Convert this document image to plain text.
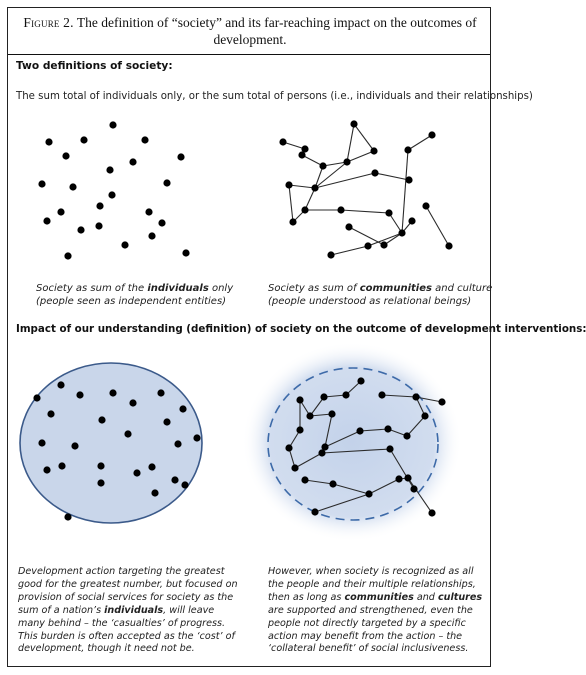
Figure 2. The definition of “society” and its far-reaching impact on the outcomes of
development.
Two definitions of society:
The sum total of individuals only, or the sum total of persons (i.e., individuals and their relationships)
Society as sum of the individuals only
(people seen as independent entities)
Society as sum of communities and culture
(people understood as relational beings)
Impact of our understanding (definition) of society on the outcome of development interventions:
Development action targeting the greatest good for the greatest number, but focused on provision of social services for society as the sum of a nation’s individuals, will leave many behind – the ‘casualties’ of progress. This burden is often accepted as the ‘cost’ of development, though it need not be.
However, when society is recognized as all the people and their multiple relationships, then as long as communities and cultures are supported and strengthened, even the people not directly targeted by a specific action may benefit from the action – the ‘collateral benefit’ of social inclusiveness.
